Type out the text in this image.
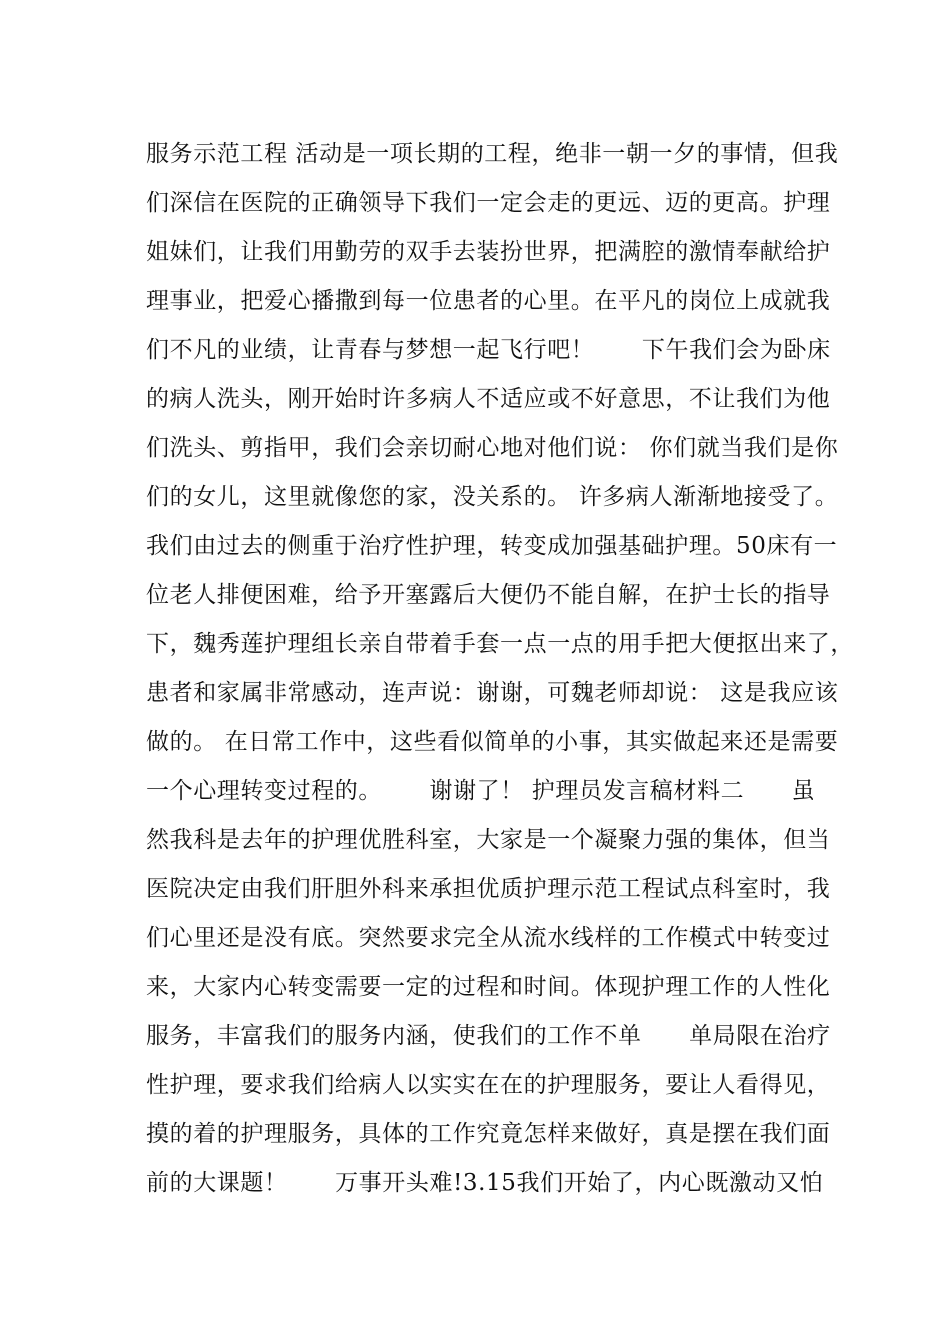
服务示范工程 活动是一项长期的工程，绝非一朝一夕的事情，但我
们深信在医院的正确领导下我们一定会走的更远、迈的更高。护理
姐妹们，让我们用勤劳的双手去装扮世界，把满腔的激情奉献给护
理事业，把爱心播撒到每一位患者的心里。在平凡的岗位上成就我
们不凡的业绩，让青春与梦想一起飞行吧！      下午我们会为卧床
的病人洗头，刚开始时许多病人不适应或不好意思，不让我们为他
们洗头、剪指甲，我们会亲切耐心地对他们说： 你们就当我们是你
们的女儿，这里就像您的家，没关系的。 许多病人渐渐地接受了。
我们由过去的侧重于治疗性护理，转变成加强基础护理。50床有一
位老人排便困难，给予开塞露后大便仍不能自解，在护士长的指导
下，魏秀莲护理组长亲自带着手套一点一点的用手把大便抠出来了，
患者和家属非常感动，连声说：谢谢，可魏老师却说： 这是我应该
做的。 在日常工作中，这些看似简单的小事，其实做起来还是需要
一个心理转变过程的。      谢谢了！ 护理员发言稿材料二      虽
然我科是去年的护理优胜科室，大家是一个凝聚力强的集体，但当
医院决定由我们肝胆外科来承担优质护理示范工程试点科室时，我
们心里还是没有底。突然要求完全从流水线样的工作模式中转变过
来，大家内心转变需要一定的过程和时间。体现护理工作的人性化
服务，丰富我们的服务内涵，使我们的工作不单      单局限在治疗
性护理，要求我们给病人以实实在在的护理服务，要让人看得见，
摸的着的护理服务，具体的工作究竟怎样来做好，真是摆在我们面
前的大课题！      万事开头难!3.15我们开始了，内心既激动又怕
